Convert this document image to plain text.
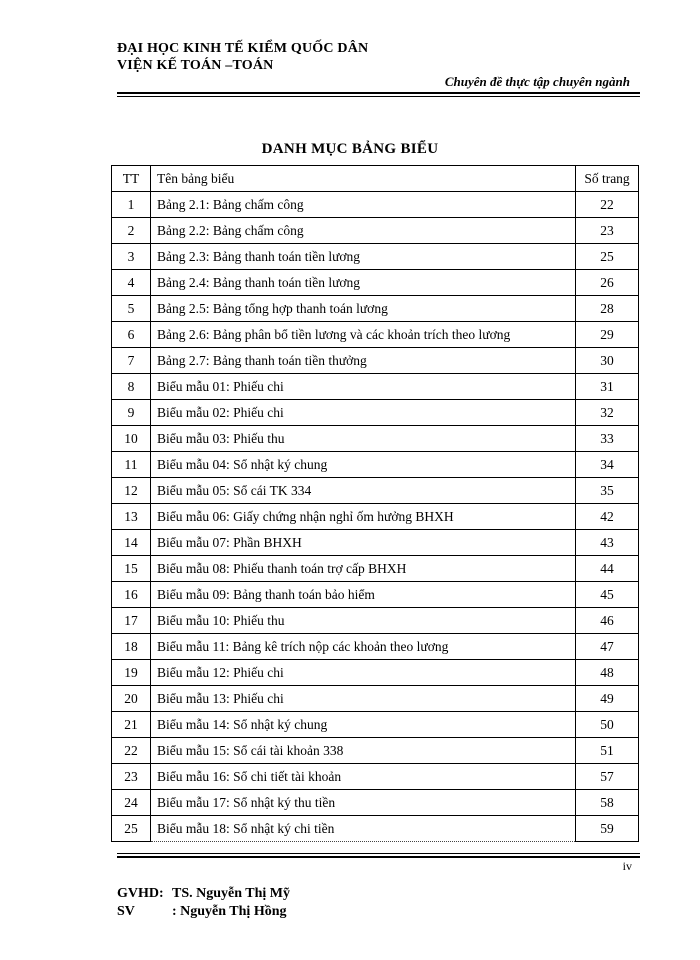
ĐẠI HỌC KINH TẾ KIỂM QUỐC DÂN
VIỆN KẾ TOÁN –TOÁN
Chuyên đề thực tập chuyên ngành
DANH MỤC BẢNG BIỂU
TT	Tên bảng biểu	Số trang
1	Bảng 2.1: Bảng chấm công	22
2	Bảng 2.2: Bảng chấm công	23
3	Bảng 2.3: Bảng thanh toán tiền lương	25
4	Bảng 2.4: Bảng thanh toán tiền lương	26
5	Bảng 2.5: Bảng tổng hợp thanh toán lương	28
6	Bảng 2.6: Bảng phân bổ tiền lương và các khoản trích theo lương	29
7	Bảng 2.7: Bảng thanh toán tiền thưởng	30
8	Biểu mẫu 01: Phiếu chi	31
9	Biểu mẫu 02: Phiếu chi	32
10	Biểu mẫu 03: Phiếu thu	33
11	Biểu mẫu 04: Sổ nhật ký chung	34
12	Biểu mẫu 05: Sổ cái TK 334	35
13	Biểu mẫu 06: Giấy chứng nhận nghỉ ốm hưởng BHXH	42
14	Biểu mẫu 07: Phần BHXH	43
15	Biểu mẫu 08: Phiếu thanh toán trợ cấp BHXH	44
16	Biểu mẫu 09: Bảng thanh toán bảo hiểm	45
17	Biểu mẫu 10: Phiếu thu	46
18	Biểu mẫu 11: Bảng kê trích nộp các khoản theo lương	47
19	Biểu mẫu 12: Phiếu chi	48
20	Biểu mẫu 13: Phiếu chi	49
21	Biểu mẫu 14: Sổ nhật ký chung	50
22	Biểu mẫu 15: Sổ cái tài khoản 338	51
23	Biểu mẫu 16: Sổ chi tiết tài khoản	57
24	Biểu mẫu 17: Sổ nhật ký thu tiền	58
25	Biểu mẫu 18: Sổ nhật ký chi tiền	59
iv
GVHD: TS. Nguyễn Thị Mỹ
SV	: Nguyễn Thị Hồng
